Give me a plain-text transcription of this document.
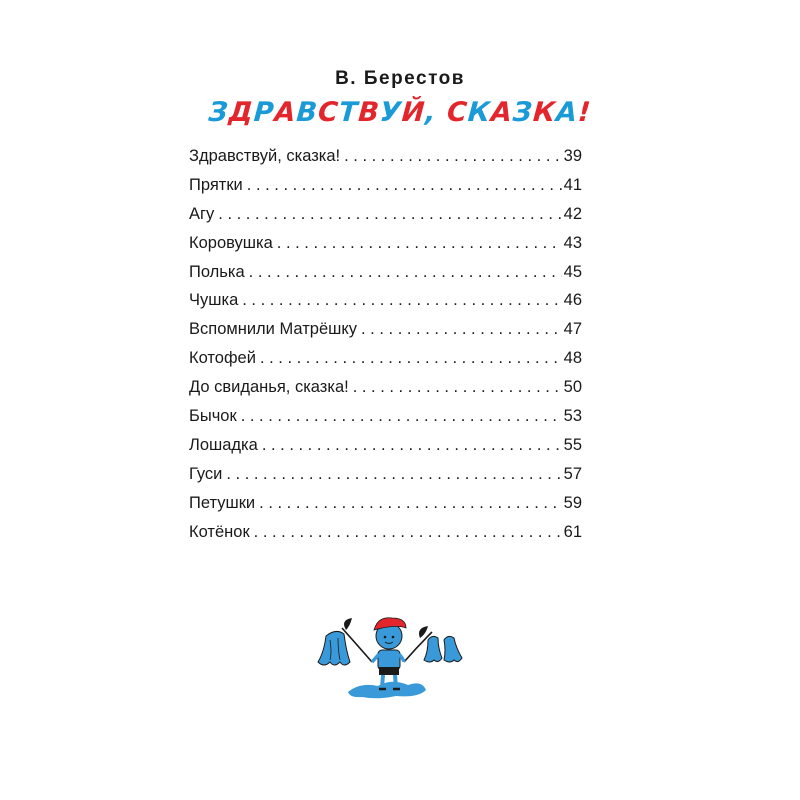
В. Берестов
ЗДРАВСТВУЙ, СКАЗКА!
Здравствуй, сказка! . . .	39
Прятки . . .	41
Агу . . .	42
Коровушка . . .	43
Полька . . .	45
Чушка . . .	46
Вспомнили Матрёшку . . .	47
Котофей . . .	48
До свиданья, сказка! . . .	50
Бычок . . .	53
Лошадка . . .	55
Гуси . . .	57
Петушки . . .	59
Котёнок . . .	61
